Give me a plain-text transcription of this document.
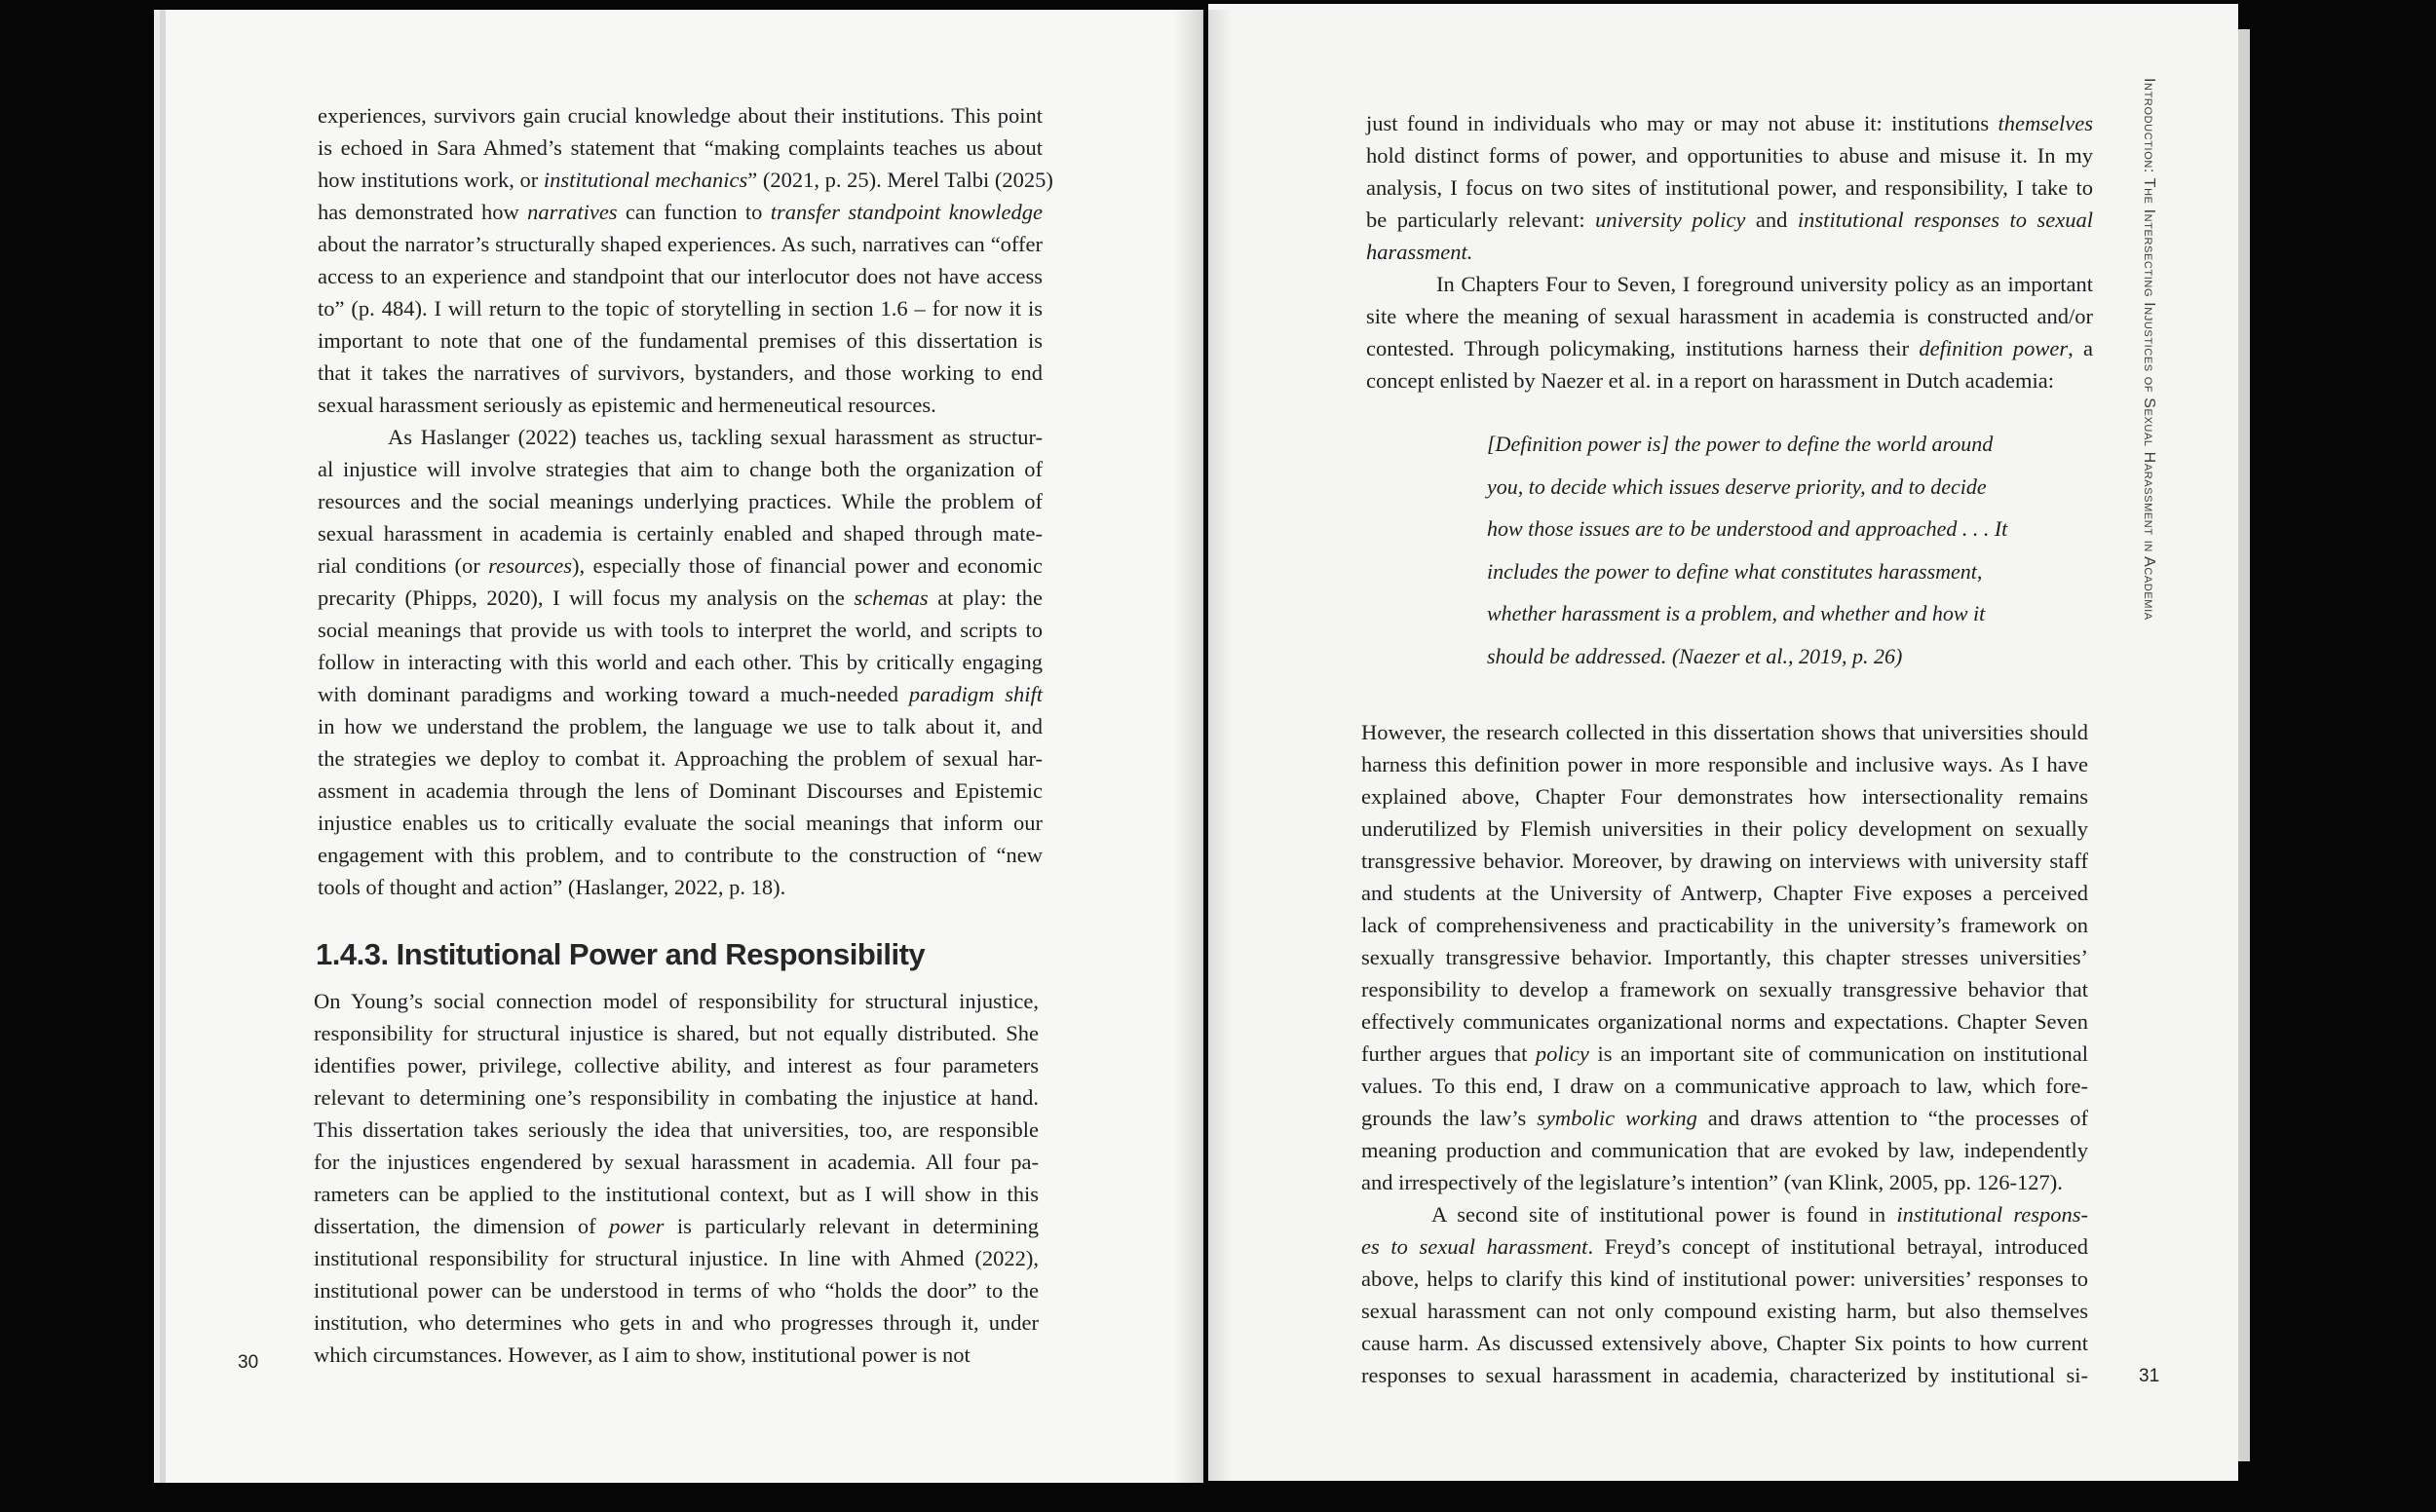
experiences, survivors gain crucial knowledge about their institutions. This point
is echoed in Sara Ahmed’s statement that “making complaints teaches us about
how institutions work, or institutional mechanics” (2021, p. 25). Merel Talbi (2025)
has demonstrated how narratives can function to transfer standpoint knowledge
about the narrator’s structurally shaped experiences. As such, narratives can “offer
access to an experience and standpoint that our interlocutor does not have access
to” (p. 484). I will return to the topic of storytelling in section 1.6 – for now it is
important to note that one of the fundamental premises of this dissertation is
that it takes the narratives of survivors, bystanders, and those working to end
sexual harassment seriously as epistemic and hermeneutical resources.
As Haslanger (2022) teaches us, tackling sexual harassment as structur-
al injustice will involve strategies that aim to change both the organization of
resources and the social meanings underlying practices. While the problem of
sexual harassment in academia is certainly enabled and shaped through mate-
rial conditions (or resources), especially those of financial power and economic
precarity (Phipps, 2020), I will focus my analysis on the schemas at play: the
social meanings that provide us with tools to interpret the world, and scripts to
follow in interacting with this world and each other. This by critically engaging
with dominant paradigms and working toward a much-needed paradigm shift
in how we understand the problem, the language we use to talk about it, and
the strategies we deploy to combat it. Approaching the problem of sexual har-
assment in academia through the lens of Dominant Discourses and Epistemic
injustice enables us to critically evaluate the social meanings that inform our
engagement with this problem, and to contribute to the construction of “new
tools of thought and action” (Haslanger, 2022, p. 18).
1.4.3. Institutional Power and Responsibility
On Young’s social connection model of responsibility for structural injustice,
responsibility for structural injustice is shared, but not equally distributed. She
identifies power, privilege, collective ability, and interest as four parameters
relevant to determining one’s responsibility in combating the injustice at hand.
This dissertation takes seriously the idea that universities, too, are responsible
for the injustices engendered by sexual harassment in academia. All four pa-
rameters can be applied to the institutional context, but as I will show in this
dissertation, the dimension of power is particularly relevant in determining
institutional responsibility for structural injustice. In line with Ahmed (2022),
institutional power can be understood in terms of who “holds the door” to the
institution, who determines who gets in and who progresses through it, under
which circumstances. However, as I aim to show, institutional power is not
30
just found in individuals who may or may not abuse it: institutions themselves
hold distinct forms of power, and opportunities to abuse and misuse it. In my
analysis, I focus on two sites of institutional power, and responsibility, I take to
be particularly relevant: university policy and institutional responses to sexual
harassment.
In Chapters Four to Seven, I foreground university policy as an important
site where the meaning of sexual harassment in academia is constructed and/or
contested. Through policymaking, institutions harness their definition power, a
concept enlisted by Naezer et al. in a report on harassment in Dutch academia:
[Definition power is] the power to define the world around
you, to decide which issues deserve priority, and to decide
how those issues are to be understood and approached . . . It
includes the power to define what constitutes harassment,
whether harassment is a problem, and whether and how it
should be addressed. (Naezer et al., 2019, p. 26)
However, the research collected in this dissertation shows that universities should
harness this definition power in more responsible and inclusive ways. As I have
explained above, Chapter Four demonstrates how intersectionality remains
underutilized by Flemish universities in their policy development on sexually
transgressive behavior. Moreover, by drawing on interviews with university staff
and students at the University of Antwerp, Chapter Five exposes a perceived
lack of comprehensiveness and practicability in the university’s framework on
sexually transgressive behavior. Importantly, this chapter stresses universities’
responsibility to develop a framework on sexually transgressive behavior that
effectively communicates organizational norms and expectations. Chapter Seven
further argues that policy is an important site of communication on institutional
values. To this end, I draw on a communicative approach to law, which fore-
grounds the law’s symbolic working and draws attention to “the processes of
meaning production and communication that are evoked by law, independently
and irrespectively of the legislature’s intention” (van Klink, 2005, pp. 126-127).
A second site of institutional power is found in institutional respons-
es to sexual harassment. Freyd’s concept of institutional betrayal, introduced
above, helps to clarify this kind of institutional power: universities’ responses to
sexual harassment can not only compound existing harm, but also themselves
cause harm. As discussed extensively above, Chapter Six points to how current
responses to sexual harassment in academia, characterized by institutional si-
Introduction: The Intersecting Injustices of Sexual Harassment in Academia
31
